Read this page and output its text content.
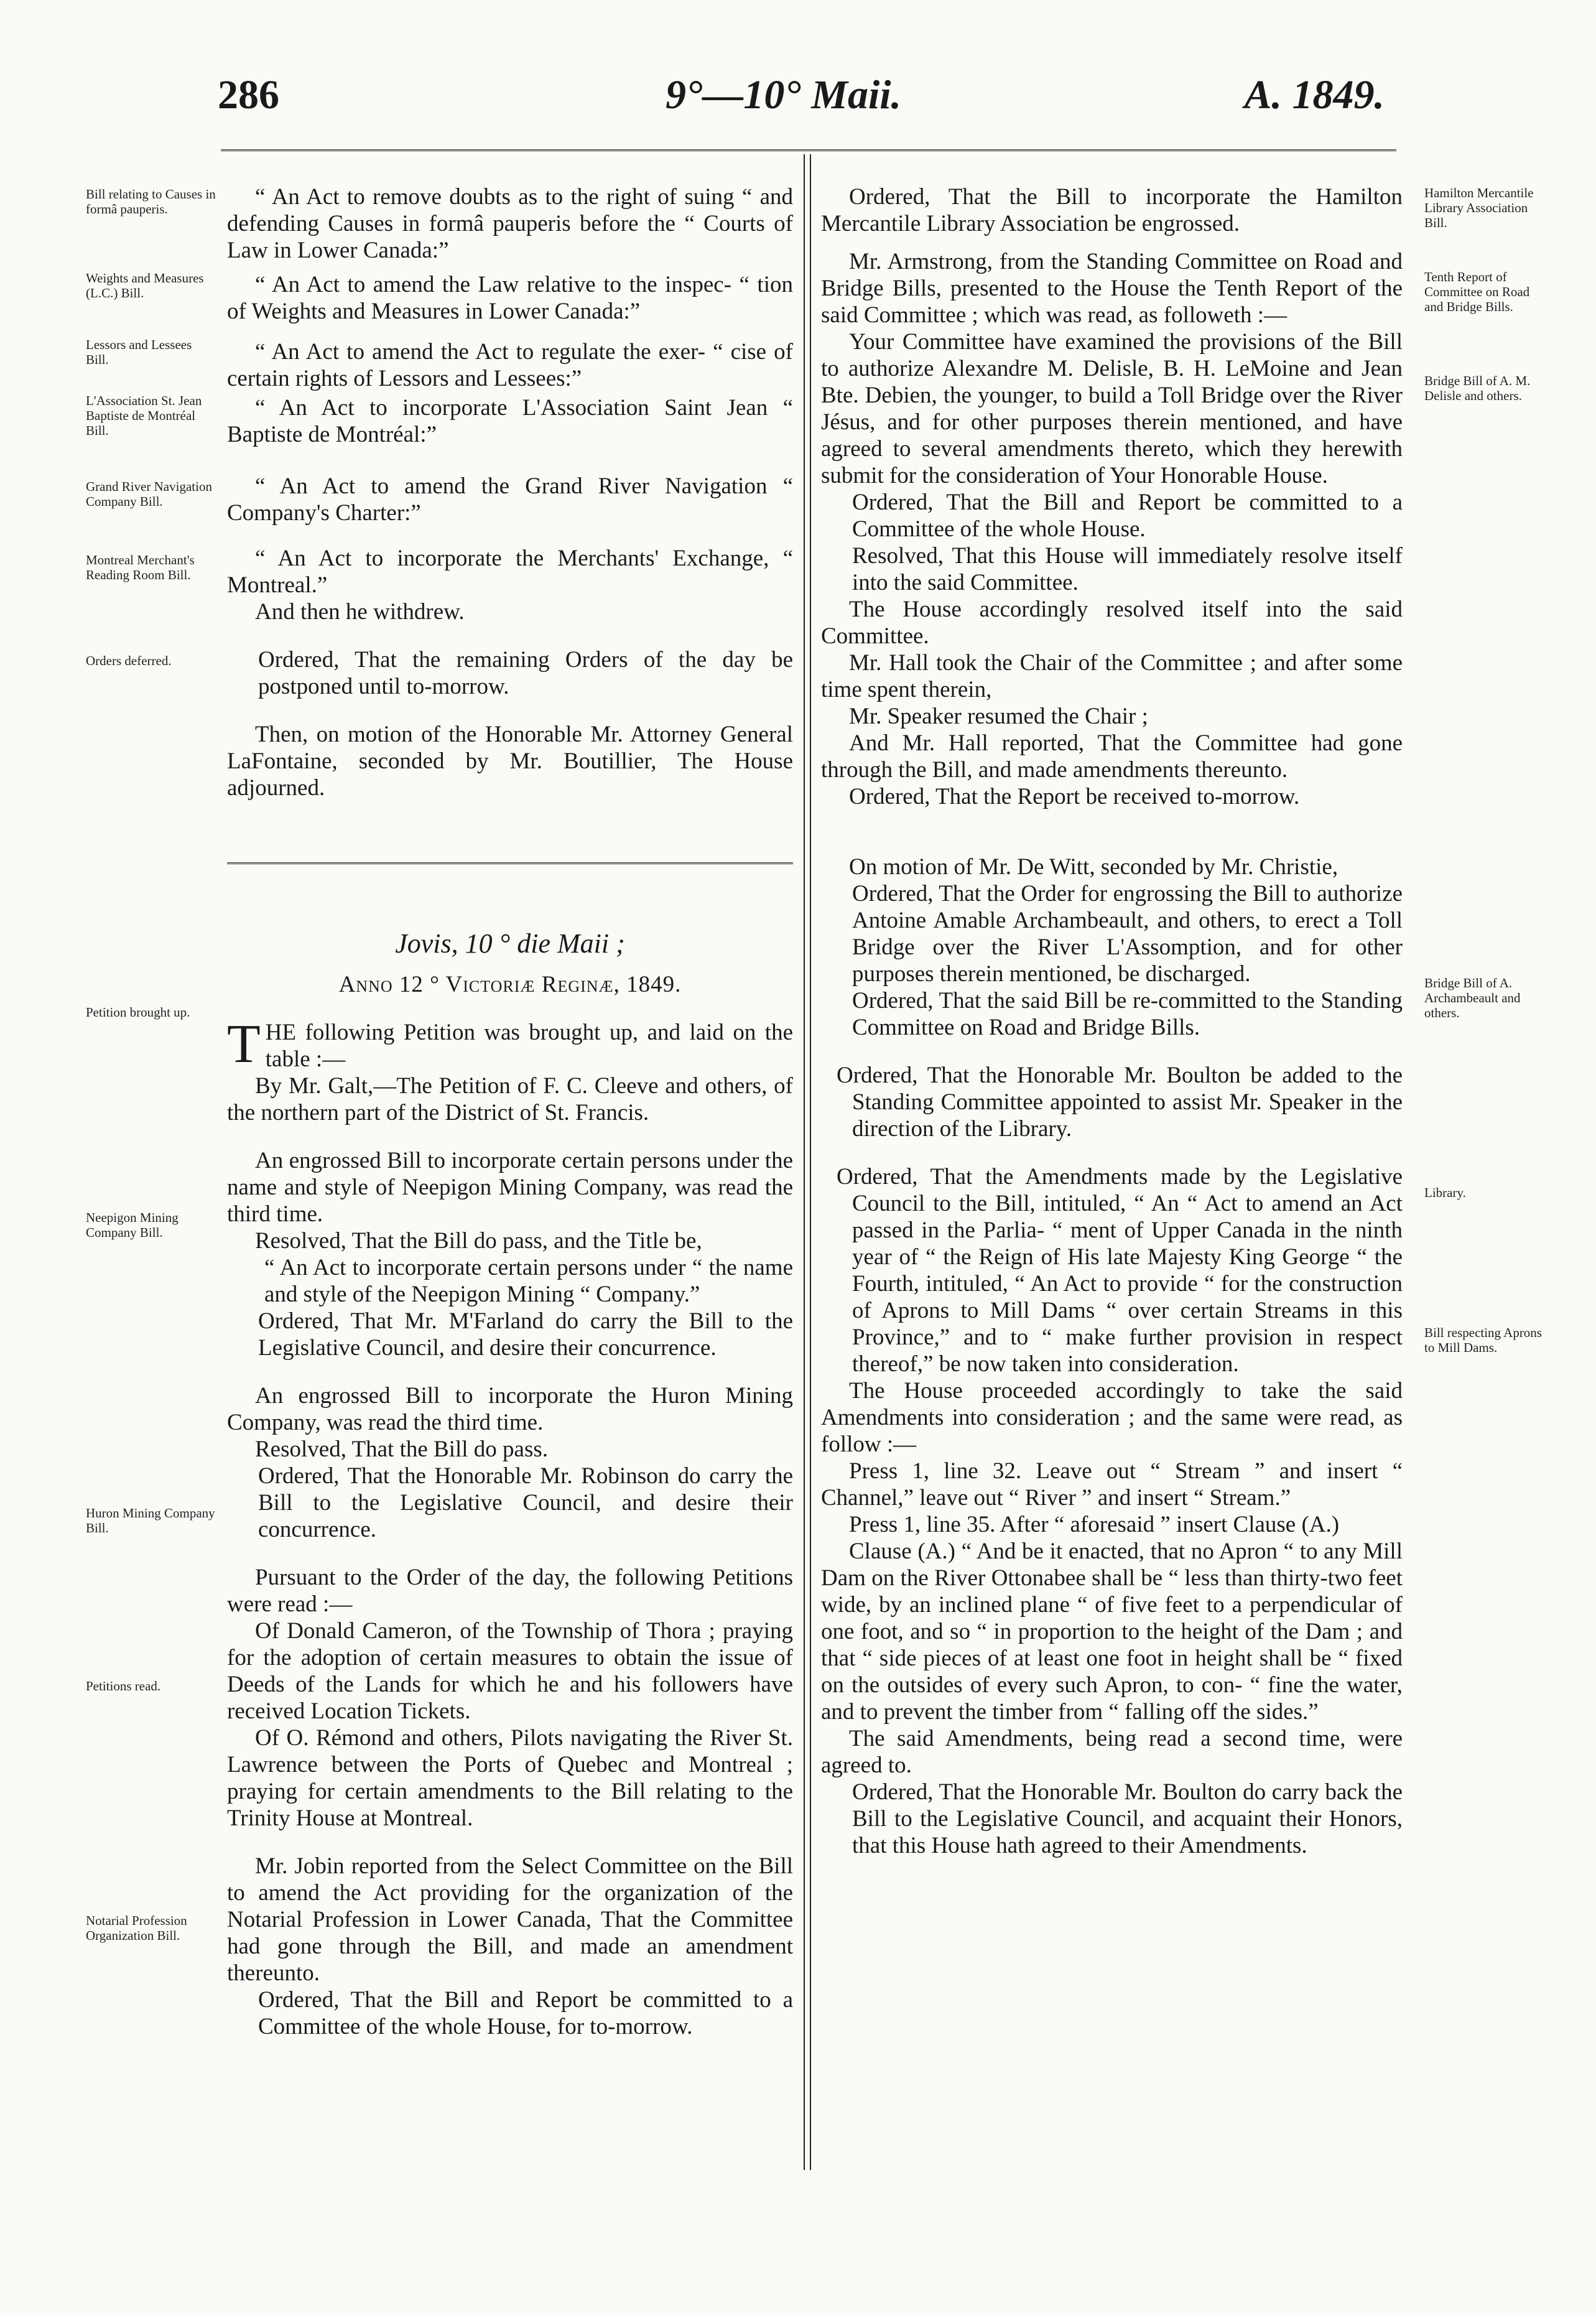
286	9°—10° Maii.	A. 1849.
Bill relating to Causes in formâ pauperis.
Weights and Measures (L.C.) Bill.
Lessors and Lessees Bill.
L'Association St. Jean Baptiste de Montréal Bill.
Grand River Navigation Company Bill.
Montreal Merchant's Reading Room Bill.
Orders deferred.
Petition brought up.
Neepigon Mining Company Bill.
Huron Mining Company Bill.
Petitions read.
Notarial Profession Organization Bill.
Hamilton Mercantile Library Association Bill.
Tenth Report of Committee on Road and Bridge Bills.
Bridge Bill of A. M. Delisle and others.
Bridge Bill of A. Archambeault and others.
Library.
Bill respecting Aprons to Mill Dams.

“ An Act to remove doubts as to the right of suing “ and defending Causes in formâ pauperis before the “ Courts of Law in Lower Canada:”

“ An Act to amend the Law relative to the inspec- “ tion of Weights and Measures in Lower Canada:”

“ An Act to amend the Act to regulate the exer- “ cise of certain rights of Lessors and Lessees:”

“ An Act to incorporate L'Association Saint Jean “ Baptiste de Montréal:”

“ An Act to amend the Grand River Navigation “ Company's Charter:”

“ An Act to incorporate the Merchants' Exchange, “ Montreal.”

And then he withdrew.

Ordered, That the remaining Orders of the day be postponed until to-morrow.

Then, on motion of the Honorable Mr. Attorney General LaFontaine, seconded by Mr. Boutillier, The House adjourned.

Jovis, 10 ° die Maii ;

Anno 12 ° Victoriæ Reginæ, 1849.

THE following Petition was brought up, and laid on the table :—

By Mr. Galt,—The Petition of F. C. Cleeve and others, of the northern part of the District of St. Francis.

An engrossed Bill to incorporate certain persons under the name and style of Neepigon Mining Company, was read the third time.

Resolved, That the Bill do pass, and the Title be,

“ An Act to incorporate certain persons under “ the name and style of the Neepigon Mining “ Company.”

Ordered, That Mr. M'Farland do carry the Bill to the Legislative Council, and desire their concurrence.

An engrossed Bill to incorporate the Huron Mining Company, was read the third time.

Resolved, That the Bill do pass.

Ordered, That the Honorable Mr. Robinson do carry the Bill to the Legislative Council, and desire their concurrence.

Pursuant to the Order of the day, the following Petitions were read :—

Of Donald Cameron, of the Township of Thora ; praying for the adoption of certain measures to obtain the issue of Deeds of the Lands for which he and his followers have received Location Tickets.

Of O. Rémond and others, Pilots navigating the River St. Lawrence between the Ports of Quebec and Montreal ; praying for certain amendments to the Bill relating to the Trinity House at Montreal.

Mr. Jobin reported from the Select Committee on the Bill to amend the Act providing for the organization of the Notarial Profession in Lower Canada, That the Committee had gone through the Bill, and made an amendment thereunto.

Ordered, That the Bill and Report be committed to a Committee of the whole House, for to-morrow.

Ordered, That the Bill to incorporate the Hamilton Mercantile Library Association be engrossed.

Mr. Armstrong, from the Standing Committee on Road and Bridge Bills, presented to the House the Tenth Report of the said Committee ; which was read, as followeth :—

Your Committee have examined the provisions of the Bill to authorize Alexandre M. Delisle, B. H. LeMoine and Jean Bte. Debien, the younger, to build a Toll Bridge over the River Jésus, and for other purposes therein mentioned, and have agreed to several amendments thereto, which they herewith submit for the consideration of Your Honorable House.

Ordered, That the Bill and Report be committed to a Committee of the whole House.

Resolved, That this House will immediately resolve itself into the said Committee.

The House accordingly resolved itself into the said Committee.

Mr. Hall took the Chair of the Committee ; and after some time spent therein,

Mr. Speaker resumed the Chair ;

And Mr. Hall reported, That the Committee had gone through the Bill, and made amendments thereunto.

Ordered, That the Report be received to-morrow.

On motion of Mr. De Witt, seconded by Mr. Christie,

Ordered, That the Order for engrossing the Bill to authorize Antoine Amable Archambeault, and others, to erect a Toll Bridge over the River L'Assomption, and for other purposes therein mentioned, be discharged.

Ordered, That the said Bill be re-committed to the Standing Committee on Road and Bridge Bills.

Ordered, That the Honorable Mr. Boulton be added to the Standing Committee appointed to assist Mr. Speaker in the direction of the Library.

Ordered, That the Amendments made by the Legislative Council to the Bill, intituled, “ An “ Act to amend an Act passed in the Parlia- “ ment of Upper Canada in the ninth year of “ the Reign of His late Majesty King George “ the Fourth, intituled, “ An Act to provide “ for the construction of Aprons to Mill Dams “ over certain Streams in this Province,” and to “ make further provision in respect thereof,” be now taken into consideration.

The House proceeded accordingly to take the said Amendments into consideration ; and the same were read, as follow :—

Press 1, line 32. Leave out “ Stream ” and insert “ Channel,” leave out “ River ” and insert “ Stream.”

Press 1, line 35. After “ aforesaid ” insert Clause (A.)

Clause (A.) “ And be it enacted, that no Apron “ to any Mill Dam on the River Ottonabee shall be “ less than thirty-two feet wide, by an inclined plane “ of five feet to a perpendicular of one foot, and so “ in proportion to the height of the Dam ; and that “ side pieces of at least one foot in height shall be “ fixed on the outsides of every such Apron, to con- “ fine the water, and to prevent the timber from “ falling off the sides.”

The said Amendments, being read a second time, were agreed to.

Ordered, That the Honorable Mr. Boulton do carry back the Bill to the Legislative Council, and acquaint their Honors, that this House hath agreed to their Amendments.
